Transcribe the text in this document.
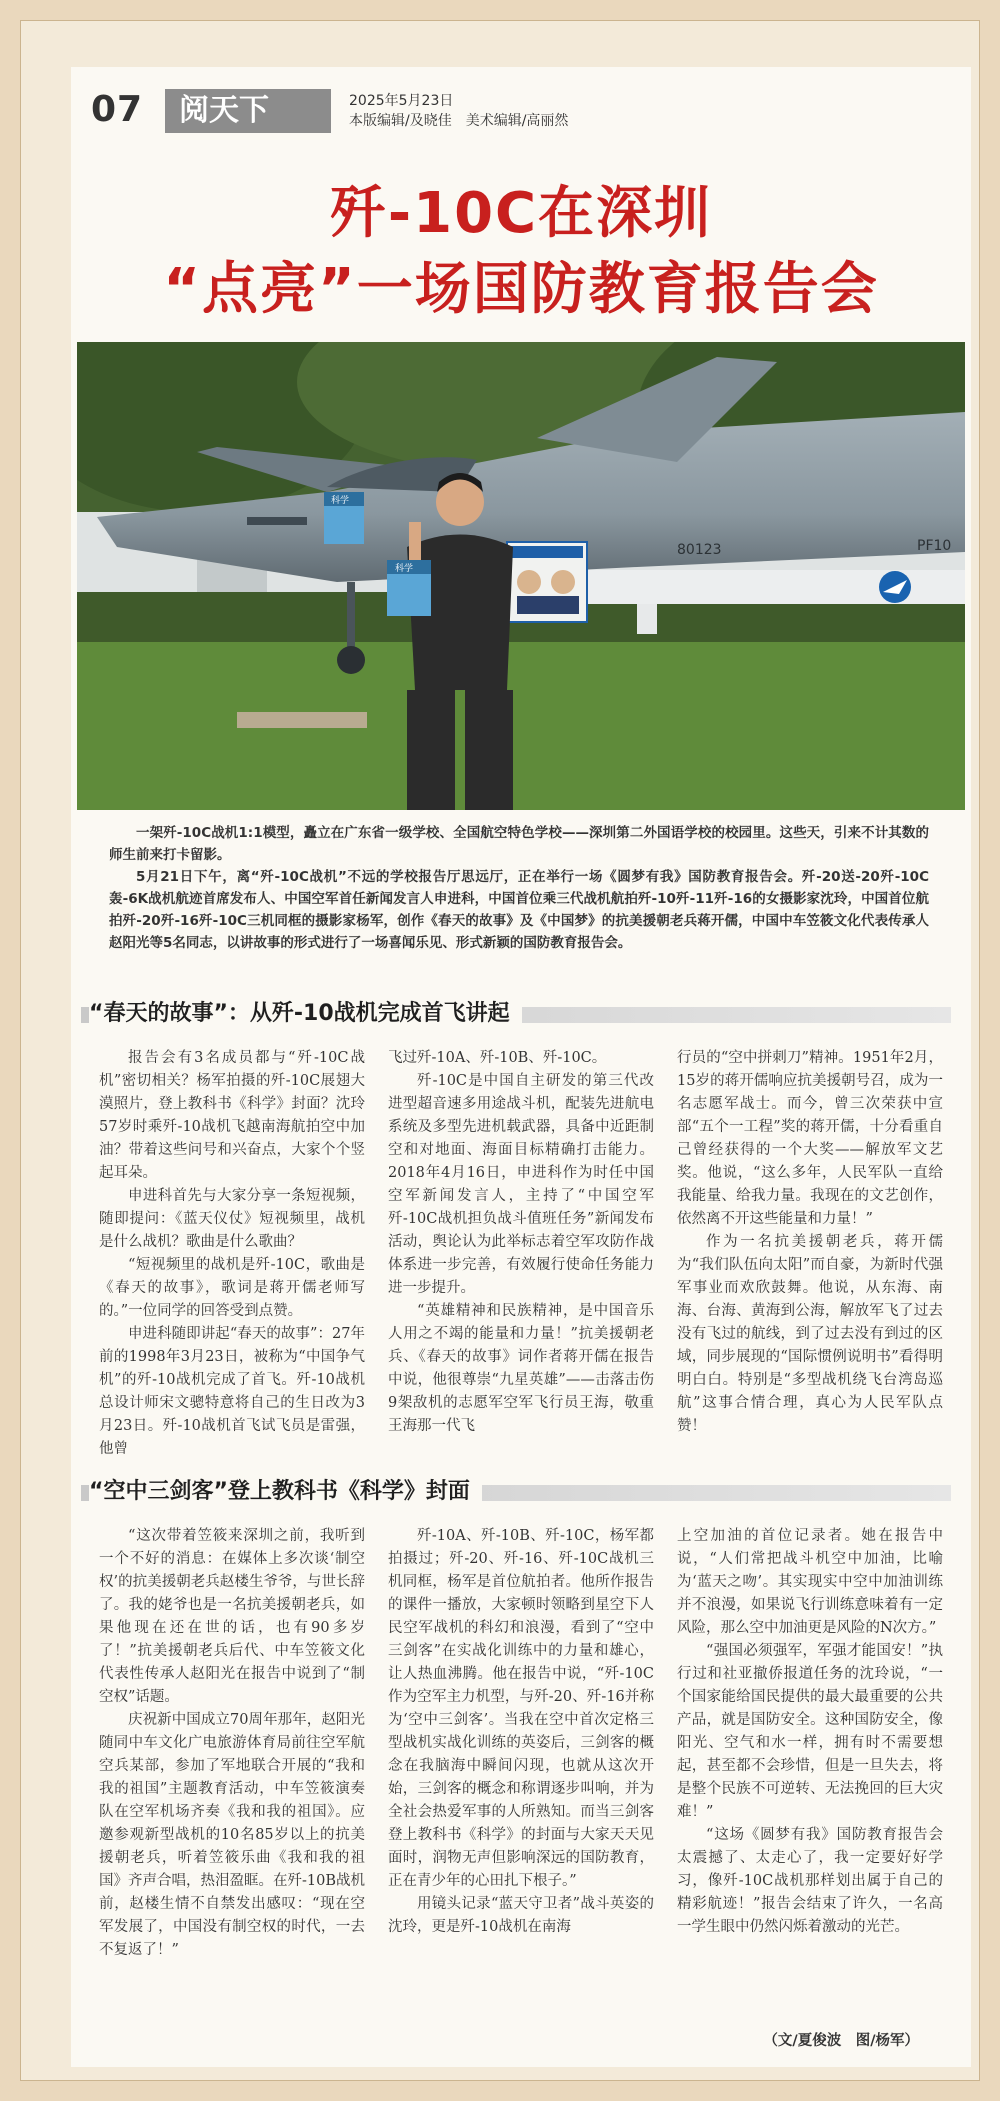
07	阅天下	2025年5月23日
本版编辑/及晓佳　美术编辑/高丽然
歼-10C在深圳
“点亮”一场国防教育报告会
80123	PF10
科学
科学

一架歼-10C战机1:1模型，矗立在广东省一级学校、全国航空特色学校——深圳第二外国语学校的校园里。这些天，引来不计其数的师生前来打卡留影。

5月21日下午，离“歼-10C战机”不远的学校报告厅思远厅，正在举行一场《圆梦有我》国防教育报告会。歼-20送-20歼-10C轰-6K战机航迹首席发布人、中国空军首任新闻发言人申进科，中国首位乘三代战机航拍歼-10歼-11歼-16的女摄影家沈玲，中国首位航拍歼-20歼-16歼-10C三机同框的摄影家杨军，创作《春天的故事》及《中国梦》的抗美援朝老兵蒋开儒，中国中车笠筱文化代表传承人赵阳光等5名同志，以讲故事的形式进行了一场喜闻乐见、形式新颖的国防教育报告会。

“春天的故事”：从歼-10战机完成首飞讲起

报告会有3名成员都与“歼-10C战机”密切相关？杨军拍摄的歼-10C展翅大漠照片，登上教科书《科学》封面？沈玲57岁时乘歼-10战机飞越南海航拍空中加油？带着这些问号和兴奋点，大家个个竖起耳朵。

申进科首先与大家分享一条短视频，随即提问：《蓝天仪仗》短视频里，战机是什么战机？歌曲是什么歌曲？

“短视频里的战机是歼-10C，歌曲是《春天的故事》，歌词是蒋开儒老师写的。”一位同学的回答受到点赞。

申进科随即讲起“春天的故事”：27年前的1998年3月23日，被称为“中国争气机”的歼-10战机完成了首飞。歼-10战机总设计师宋文骢特意将自己的生日改为3月23日。歼-10战机首飞试飞员是雷强，他曾

飞过歼-10A、歼-10B、歼-10C。

歼-10C是中国自主研发的第三代改进型超音速多用途战斗机，配装先进航电系统及多型先进机载武器，具备中近距制空和对地面、海面目标精确打击能力。2018年4月16日，申进科作为时任中国空军新闻发言人，主持了“中国空军歼-10C战机担负战斗值班任务”新闻发布活动，舆论认为此举标志着空军攻防作战体系进一步完善，有效履行使命任务能力进一步提升。

“英雄精神和民族精神，是中国音乐人用之不竭的能量和力量！”抗美援朝老兵、《春天的故事》词作者蒋开儒在报告中说，他很尊崇“九星英雄”——击落击伤9架敌机的志愿军空军飞行员王海，敬重王海那一代飞

行员的“空中拼刺刀”精神。1951年2月，15岁的蒋开儒响应抗美援朝号召，成为一名志愿军战士。而今，曾三次荣获中宣部“五个一工程”奖的蒋开儒，十分看重自己曾经获得的一个大奖——解放军文艺奖。他说，“这么多年，人民军队一直给我能量、给我力量。我现在的文艺创作，依然离不开这些能量和力量！”

作为一名抗美援朝老兵，蒋开儒为“我们队伍向太阳”而自豪，为新时代强军事业而欢欣鼓舞。他说，从东海、南海、台海、黄海到公海，解放军飞了过去没有飞过的航线，到了过去没有到过的区域，同步展现的“国际惯例说明书”看得明明白白。特别是“多型战机绕飞台湾岛巡航”这事合情合理，真心为人民军队点赞！

“空中三剑客”登上教科书《科学》封面

“这次带着笠筱来深圳之前，我听到一个不好的消息：在媒体上多次谈‘制空权’的抗美援朝老兵赵楼生爷爷，与世长辞了。我的姥爷也是一名抗美援朝老兵，如果他现在还在世的话，也有90多岁了！”抗美援朝老兵后代、中车笠筱文化代表性传承人赵阳光在报告中说到了“制空权”话题。

庆祝新中国成立70周年那年，赵阳光随同中车文化广电旅游体育局前往空军航空兵某部，参加了军地联合开展的“我和我的祖国”主题教育活动，中车笠筱演奏队在空军机场齐奏《我和我的祖国》。应邀参观新型战机的10名85岁以上的抗美援朝老兵，听着笠筱乐曲《我和我的祖国》齐声合唱，热泪盈眶。在歼-10B战机前，赵楼生情不自禁发出感叹：“现在空军发展了，中国没有制空权的时代，一去不复返了！”

歼-10A、歼-10B、歼-10C，杨军都拍摄过；歼-20、歼-16、歼-10C战机三机同框，杨军是首位航拍者。他所作报告的课件一播放，大家顿时领略到星空下人民空军战机的科幻和浪漫，看到了“空中三剑客”在实战化训练中的力量和雄心，让人热血沸腾。他在报告中说，“歼-10C作为空军主力机型，与歼-20、歼-16并称为‘空中三剑客’。当我在空中首次定格三型战机实战化训练的英姿后，三剑客的概念在我脑海中瞬间闪现，也就从这次开始，三剑客的概念和称谓逐步叫响，并为全社会热爱军事的人所熟知。而当三剑客登上教科书《科学》的封面与大家天天见面时，润物无声但影响深远的国防教育，正在青少年的心田扎下根子。”

用镜头记录“蓝天守卫者”战斗英姿的沈玲，更是歼-10战机在南海

上空加油的首位记录者。她在报告中说，“人们常把战斗机空中加油，比喻为‘蓝天之吻’。其实现实中空中加油训练并不浪漫，如果说飞行训练意味着有一定风险，那么空中加油更是风险的N次方。”

“强国必须强军，军强才能国安！”执行过和社亚撤侨报道任务的沈玲说，“一个国家能给国民提供的最大最重要的公共产品，就是国防安全。这种国防安全，像阳光、空气和水一样，拥有时不需要想起，甚至都不会珍惜，但是一旦失去，将是整个民族不可逆转、无法挽回的巨大灾难！”

“这场《圆梦有我》国防教育报告会太震撼了、太走心了，我一定要好好学习，像歼-10C战机那样划出属于自己的精彩航迹！”报告会结束了许久，一名高一学生眼中仍然闪烁着激动的光芒。

（文/夏俊波　图/杨军）
